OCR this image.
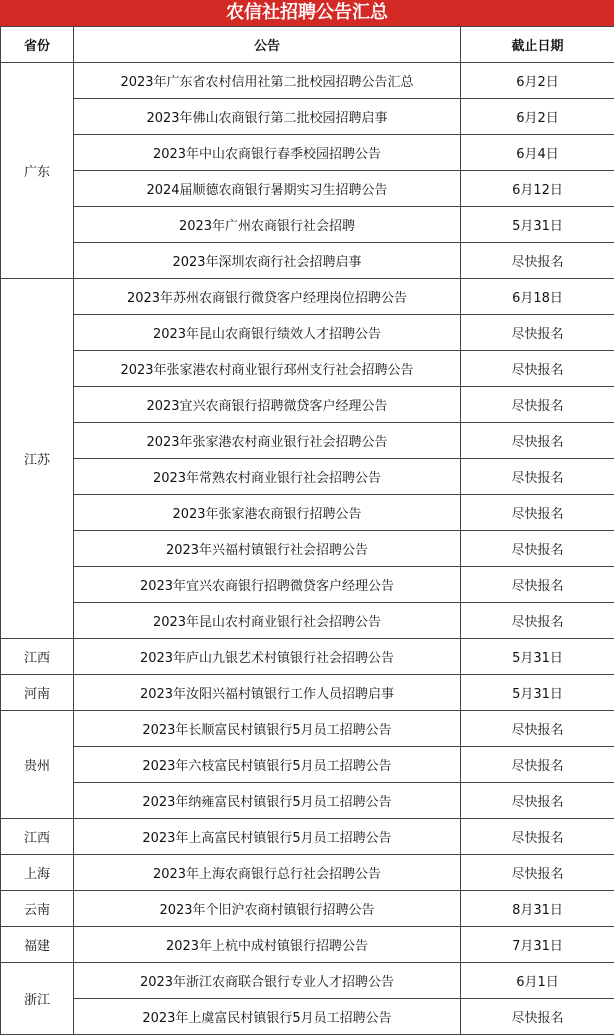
农信社招聘公告汇总
省份	公告	截止日期
广东	2023年广东省农村信用社第二批校园招聘公告汇总	6月2日
	2023年佛山农商银行第二批校园招聘启事	6月2日
	2023年中山农商银行春季校园招聘公告	6月4日
	2024届顺德农商银行暑期实习生招聘公告	6月12日
	2023年广州农商银行社会招聘	5月31日
	2023年深圳农商行社会招聘启事	尽快报名
江苏	2023年苏州农商银行微贷客户经理岗位招聘公告	6月18日
	2023年昆山农商银行绩效人才招聘公告	尽快报名
	2023年张家港农村商业银行邳州支行社会招聘公告	尽快报名
	2023宜兴农商银行招聘微贷客户经理公告	尽快报名
	2023年张家港农村商业银行社会招聘公告	尽快报名
	2023年常熟农村商业银行社会招聘公告	尽快报名
	2023年张家港农商银行招聘公告	尽快报名
	2023年兴福村镇银行社会招聘公告	尽快报名
	2023年宜兴农商银行招聘微贷客户经理公告	尽快报名
	2023年昆山农村商业银行社会招聘公告	尽快报名
江西	2023年庐山九银艺术村镇银行社会招聘公告	5月31日
河南	2023年汝阳兴福村镇银行工作人员招聘启事	5月31日
贵州	2023年长顺富民村镇银行5月员工招聘公告	尽快报名
	2023年六枝富民村镇银行5月员工招聘公告	尽快报名
	2023年纳雍富民村镇银行5月员工招聘公告	尽快报名
江西	2023年上高富民村镇银行5月员工招聘公告	尽快报名
上海	2023年上海农商银行总行社会招聘公告	尽快报名
云南	2023年个旧沪农商村镇银行招聘公告	8月31日
福建	2023年上杭中成村镇银行招聘公告	7月31日
浙江	2023年浙江农商联合银行专业人才招聘公告	6月1日
	2023年上虞富民村镇银行5月员工招聘公告	尽快报名
